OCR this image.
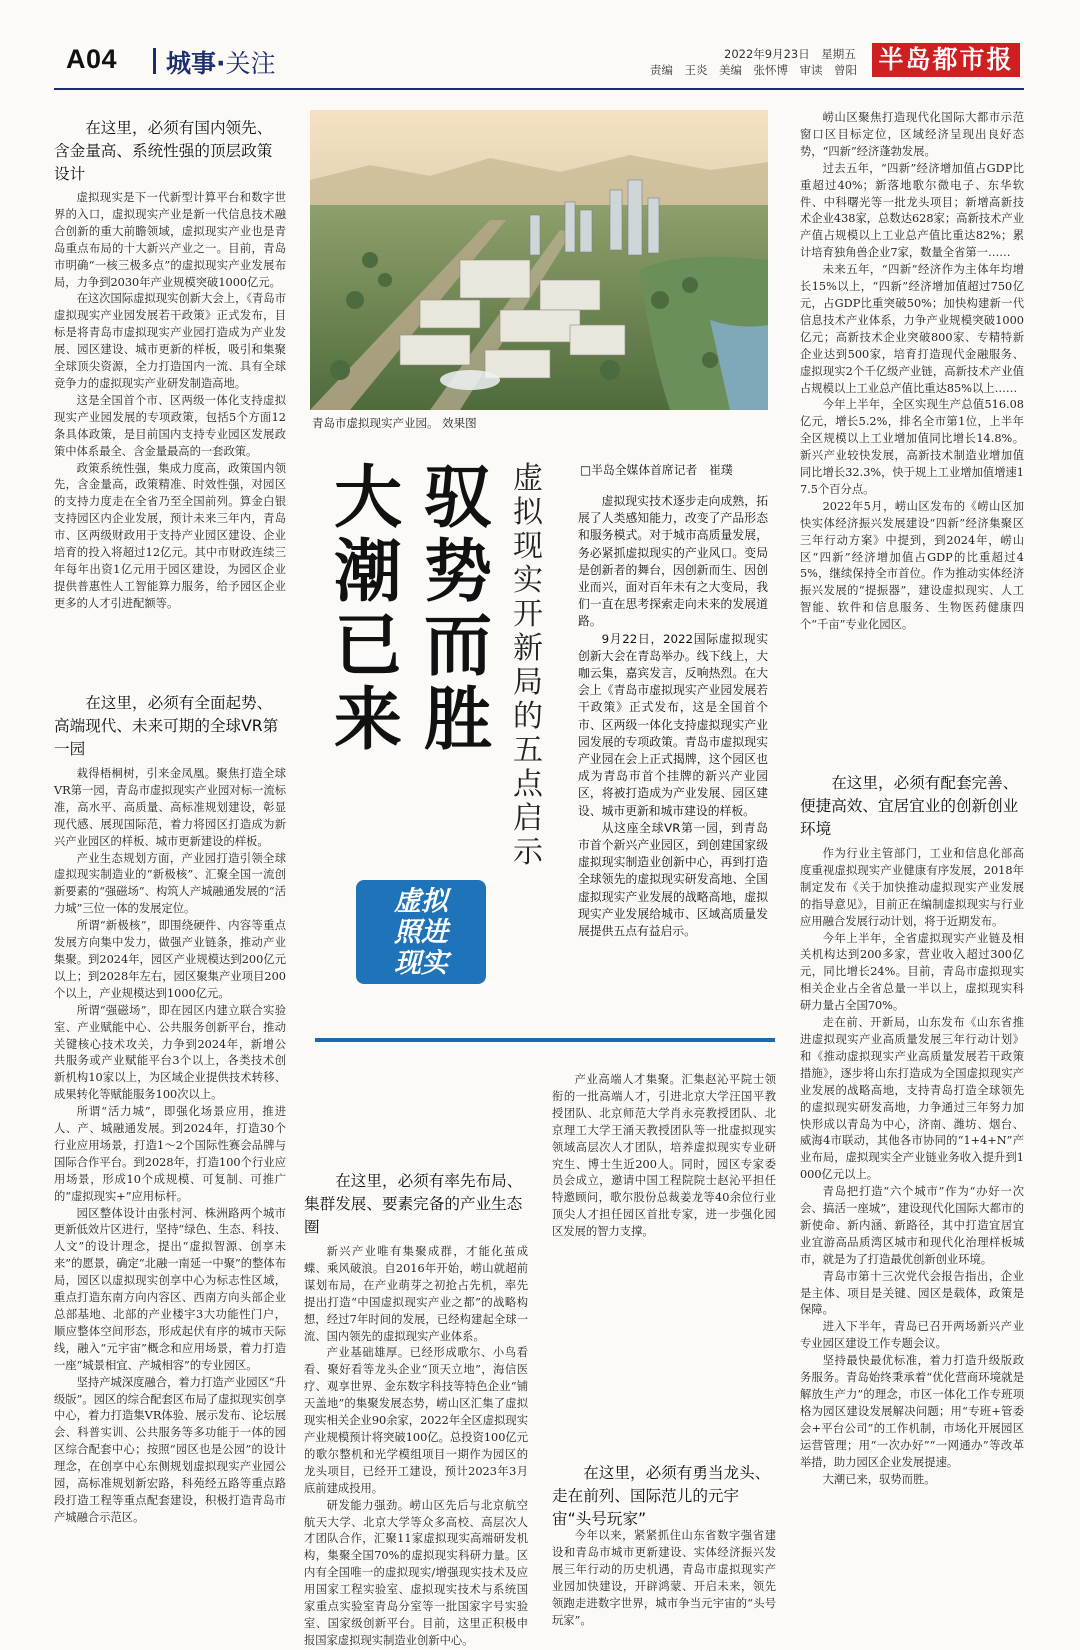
A04 城事·关注	2022年9月23日　星期五
责编　王炎　美编　张怀博　审读　曾阳 半岛都市报
在这里，必须有国内领先、含金量高、系统性强的顶层政策设计

虚拟现实是下一代新型计算平台和数字世界的入口，虚拟现实产业是新一代信息技术融合创新的重大前瞻领域，虚拟现实产业也是青岛重点布局的十大新兴产业之一。目前，青岛市明确“一核三极多点”的虚拟现实产业发展布局，力争到2030年产业规模突破1000亿元。

在这次国际虚拟现实创新大会上，《青岛市虚拟现实产业园发展若干政策》正式发布，目标是将青岛市虚拟现实产业园打造成为产业发展、园区建设、城市更新的样板，吸引和集聚全球顶尖资源，全力打造国内一流、具有全球竞争力的虚拟现实产业研发制造高地。

这是全国首个市、区两级一体化支持虚拟现实产业园发展的专项政策，包括5个方面12条具体政策，是目前国内支持专业园区发展政策中体系最全、含金量最高的一套政策。

政策系统性强，集成力度高，政策国内领先，含金量高，政策精准、时效性强，对园区的支持力度走在全省乃至全国前列。算金白银支持园区内企业发展，预计未来三年内，青岛市、区两级财政用于支持产业园区建设、企业培育的投入将超过12亿元。其中市财政连续三年每年出资1亿元用于园区建设，为园区企业提供普惠性人工智能算力服务，给予园区企业更多的人才引进配额等。

在这里，必须有全面起势、高端现代、未来可期的全球VR第一园

栽得梧桐树，引来金凤凰。聚焦打造全球VR第一园，青岛市虚拟现实产业园对标一流标准，高水平、高质量、高标准规划建设，彰显现代感、展现国际范，着力将园区打造成为新兴产业园区的样板、城市更新建设的样板。

产业生态规划方面，产业园打造引领全球虚拟现实制造业的“新极核”、汇聚全国一流创新要素的“强磁场”、构筑人产城融通发展的“活力城”三位一体的发展定位。

所谓“新极核”，即围绕硬件、内容等重点发展方向集中发力，做强产业链条，推动产业集聚。到2024年，园区产业规模达到200亿元以上；到2028年左右，园区聚集产业项目200个以上，产业规模达到1000亿元。

所谓“强磁场”，即在园区内建立联合实验室、产业赋能中心、公共服务创新平台，推动关键核心技术攻关，力争到2024年，新增公共服务或产业赋能平台3个以上，各类技术创新机构10家以上，为区域企业提供技术转移、成果转化等赋能服务100次以上。

所谓“活力城”，即强化场景应用，推进人、产、城融通发展。到2024年，打造30个行业应用场景，打造1～2个国际性赛会品牌与国际合作平台。到2028年，打造100个行业应用场景，形成10个成规模、可复制、可推广的“虚拟现实+”应用标杆。

园区整体设计由张村河、株洲路两个城市更新低效片区进行，坚持“绿色、生态、科技、人文”的设计理念，提出“虚拟智源、创享未来”的愿景，确定“北融一南延一中聚”的整体布局，园区以虚拟现实创享中心为标志性区域，重点打造东南方向内容区、西南方向头部企业总部基地、北部的产业楼宇3大功能性门户，顺应整体空间形态，形成起伏有序的城市天际线，融入“元宇宙”概念和应用场景，着力打造一座“城景相宜、产城相容”的专业园区。

坚持产城深度融合，着力打造产业园区“升级版”。园区的综合配套区布局了虚拟现实创享中心，着力打造集VR体验、展示发布、论坛展会、科普实训、公共服务等多功能于一体的园区综合配套中心；按照“园区也是公园”的设计理念，在创享中心东侧规划虚拟现实产业园公园，高标准规划新宏路，科苑经五路等重点路段打造工程等重点配套建设，积极打造青岛市产城融合示范区。

青岛市虚拟现实产业园。 效果图
驭
势
而
胜
大
潮
已
来
虚
拟
现
实
开
新
局
的
五
点
启
示
虚拟
照进
现实
□半岛全媒体首席记者　崔璞

虚拟现实技术逐步走向成熟，拓展了人类感知能力，改变了产品形态和服务模式。对于城市高质量发展，务必紧抓虚拟现实的产业风口。变局是创新者的舞台，因创新而生、因创业而兴，面对百年未有之大变局，我们一直在思考探索走向未来的发展道路。

9月22日，2022国际虚拟现实创新大会在青岛举办。线下线上，大咖云集，嘉宾发言，反响热烈。在大会上《青岛市虚拟现实产业园发展若干政策》正式发布，这是全国首个市、区两级一体化支持虚拟现实产业园发展的专项政策。青岛市虚拟现实产业园在会上正式揭牌，这个园区也成为青岛市首个挂牌的新兴产业园区，将被打造成为产业发展、园区建设、城市更新和城市建设的样板。

从这座全球VR第一园，到青岛市首个新兴产业园区，到创建国家级虚拟现实制造业创新中心，再到打造全球领先的虚拟现实研发高地、全国虚拟现实产业发展的战略高地，虚拟现实产业发展给城市、区域高质量发展提供五点有益启示。

在这里，必须有率先布局、集群发展、要素完备的产业生态圈

新兴产业唯有集聚成群，才能化茧成蝶、乘风破浪。自2016年开始，崂山就超前谋划布局，在产业萌芽之初抢占先机，率先提出打造“中国虚拟现实产业之都”的战略构想，经过7年时间的发展，已经构建起全球一流、国内领先的虚拟现实产业体系。

产业基础雄厚。已经形成歌尔、小鸟看看、聚好看等龙头企业“顶天立地”，海信医疗、观享世界、金东数字科技等特色企业“铺天盖地”的集聚发展态势，崂山区汇集了虚拟现实相关企业90余家，2022年全区虚拟现实产业规模预计将突破100亿。总投资100亿元的歌尔整机和光学模组项目一期作为园区的龙头项目，已经开工建设，预计2023年3月底前建成投用。

研发能力强劲。崂山区先后与北京航空航天大学、北京大学等众多高校、高层次人才团队合作，汇聚11家虚拟现实高端研发机构，集聚全国70%的虚拟现实科研力量。区内有全国唯一的虚拟现实/增强现实技术及应用国家工程实验室、虚拟现实技术与系统国家重点实验室青岛分室等一批国家字号实验室、国家级创新平台。目前，这里正积极申报国家虚拟现实制造业创新中心。

产业高端人才集聚。汇集赵沁平院士领衔的一批高端人才，引进北京大学汪国平教授团队、北京师范大学肖永亮教授团队、北京理工大学王涌天教授团队等一批虚拟现实领域高层次人才团队，培养虚拟现实专业研究生、博士生近200人。同时，园区专家委员会成立，邀请中国工程院院士赵沁平担任特邀顾问，歌尔股份总裁姜龙等40余位行业顶尖人才担任园区首批专家，进一步强化园区发展的智力支撑。

在这里，必须有勇当龙头、走在前列、国际范儿的元宇宙“头号玩家”

今年以来，紧紧抓住山东省数字强省建设和青岛市城市更新建设、实体经济振兴发展三年行动的历史机遇，青岛市虚拟现实产业园加快建设，开辟鸿蒙、开启未来，领先领跑走进数字世界，城市争当元宇宙的“头号玩家”。

崂山区聚焦打造现代化国际大都市示范窗口区目标定位，区域经济呈现出良好态势，“四新”经济蓬勃发展。

过去五年，“四新”经济增加值占GDP比重超过40%；新落地歌尔微电子、东华软件、中科曙光等一批龙头项目；新增高新技术企业438家，总数达628家；高新技术产业产值占规模以上工业总产值比重达82%；累计培育独角兽企业7家，数量全省第一……

未来五年，“四新”经济作为主体年均增长15%以上，“四新”经济增加值超过750亿元，占GDP比重突破50%；加快构建新一代信息技术产业体系，力争产业规模突破1000亿元；高新技术企业突破800家、专精特新企业达到500家，培育打造现代金融服务、虚拟现实2个千亿级产业链，高新技术产业值占规模以上工业总产值比重达85%以上……

今年上半年，全区实现生产总值516.08亿元，增长5.2%，排名全市第1位，上半年全区规模以上工业增加值同比增长14.8%。新兴产业较快发展，高新技术制造业增加值同比增长32.3%，快于规上工业增加值增速17.5个百分点。

2022年5月，崂山区发布的《崂山区加快实体经济振兴发展建设“四新”经济集聚区三年行动方案》中提到，到2024年，崂山区“四新”经济增加值占GDP的比重超过45%，继续保持全市首位。作为推动实体经济振兴发展的“提振器”，建设虚拟现实、人工智能、软件和信息服务、生物医药健康四个“千亩”专业化园区。

在这里，必须有配套完善、便捷高效、宜居宜业的创新创业环境

作为行业主管部门，工业和信息化部高度重视虚拟现实产业健康有序发展，2018年制定发布《关于加快推动虚拟现实产业发展的指导意见》，目前正在编制虚拟现实与行业应用融合发展行动计划，将于近期发布。

今年上半年，全省虚拟现实产业链及相关机构达到200多家，营业收入超过300亿元，同比增长24%。目前，青岛市虚拟现实相关企业占全省总量一半以上，虚拟现实科研力量占全国70%。

走在前、开新局，山东发布《山东省推进虚拟现实产业高质量发展三年行动计划》和《推动虚拟现实产业高质量发展若干政策措施》，逐步将山东打造成为全国虚拟现实产业发展的战略高地，支持青岛打造全球领先的虚拟现实研发高地，力争通过三年努力加快形成以青岛为中心，济南、潍坊、烟台、威海4市联动，其他各市协同的“1+4+N”产业布局，虚拟现实全产业链业务收入提升到1000亿元以上。

青岛把打造“六个城市”作为“办好一次会、搞活一座城”，建设现代化国际大都市的新使命、新内涵、新路径，其中打造宜居宜业宜游高品质湾区城市和现代化治理样板城市，就是为了打造最优创新创业环境。

青岛市第十三次党代会报告指出，企业是主体、项目是关键、园区是载体，政策是保障。

进入下半年，青岛已召开两场新兴产业专业园区建设工作专题会议。

坚持最快最优标准，着力打造升级版政务服务。青岛始终秉承着“优化营商环境就是解放生产力”的理念，市区一体化工作专班项格为园区建设发展解决问题；用“专班+管委会+平台公司”的工作机制，市场化开展园区运营管理；用“一次办好”“一网通办”等改革举措，助力园区企业发展提速。

大潮已来，驭势而胜。
